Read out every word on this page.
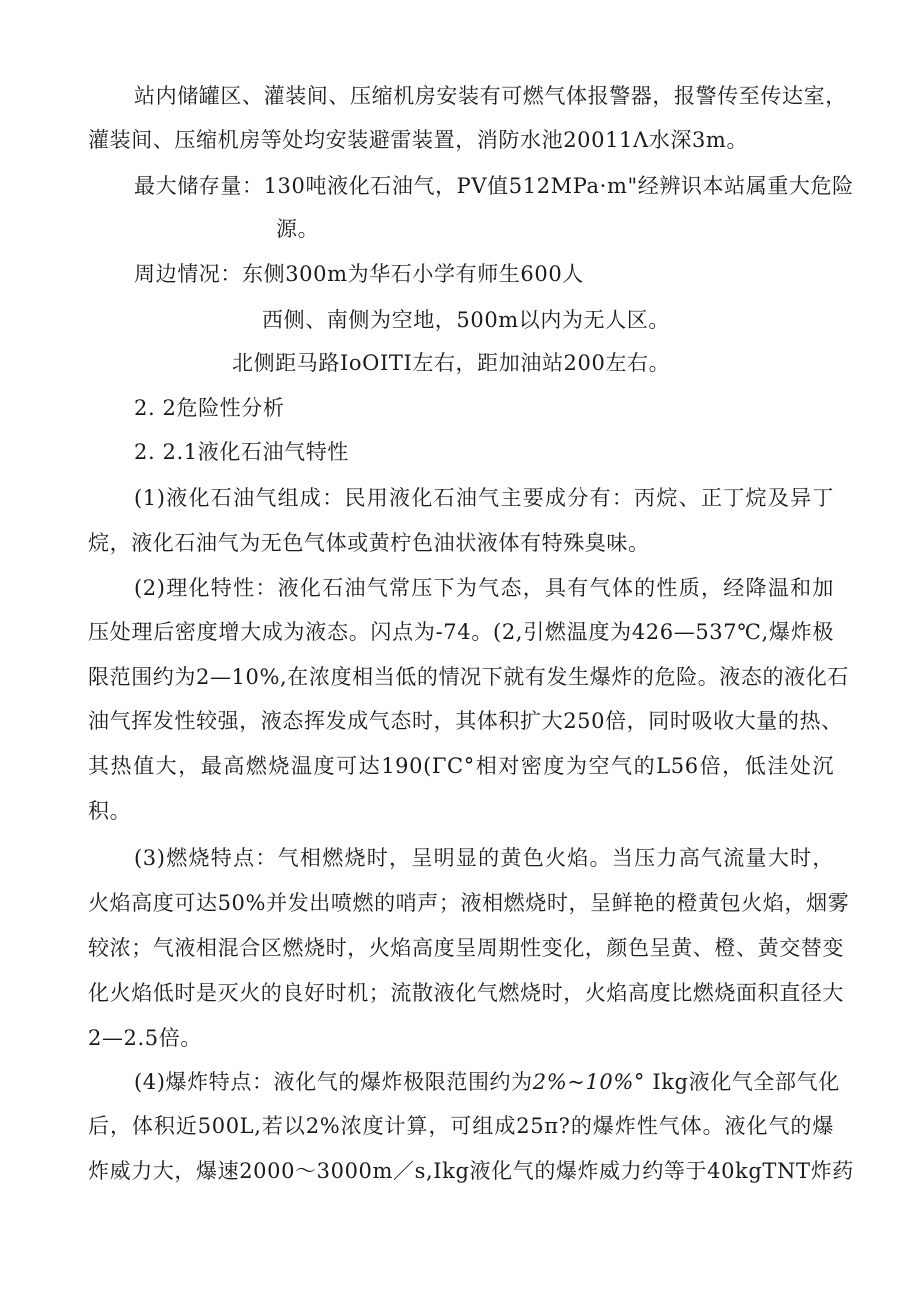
站内储罐区、灌装间、压缩机房安装有可燃气体报警器，报警传至传达室，
灌装间、压缩机房等处均安装避雷装置，消防水池20011Λ水深3m。
最大储存量：130吨液化石油气，PV值512MPa·m"经辨识本站属重大危险
源。
周边情况：东侧300m为华石小学有师生600人
西侧、南侧为空地，500m以内为无人区。
北侧距马路IoOITI左右，距加油站200左右。
2. 2危险性分析
2. 2.1液化石油气特性
(1)液化石油气组成：民用液化石油气主要成分有：丙烷、正丁烷及异丁
烷，液化石油气为无色气体或黄柠色油状液体有特殊臭味。
(2)理化特性：液化石油气常压下为气态，具有气体的性质，经降温和加
压处理后密度增大成为液态。闪点为-74。(2,引燃温度为426—537℃,爆炸极
限范围约为2—10%,在浓度相当低的情况下就有发生爆炸的危险。液态的液化石
油气挥发性较强，液态挥发成气态时，其体积扩大250倍，同时吸收大量的热、
其热值大，最高燃烧温度可达190(ΓC°相对密度为空气的L56倍，低洼处沉
积。
(3)燃烧特点：气相燃烧时，呈明显的黄色火焰。当压力高气流量大时，
火焰高度可达50%并发出喷燃的哨声；液相燃烧时，呈鲜艳的橙黄包火焰，烟雾
较浓；气液相混合区燃烧时，火焰高度呈周期性变化，颜色呈黄、橙、黄交替变
化火焰低时是灭火的良好时机；流散液化气燃烧时，火焰高度比燃烧面积直径大
2—2.5倍。
(4)爆炸特点：液化气的爆炸极限范围约为2%~10%° Ikg液化气全部气化
后，体积近500L,若以2%浓度计算，可组成25π?的爆炸性气体。液化气的爆
炸威力大，爆速2000～3000m／s,Ikg液化气的爆炸威力约等于40kgTNT炸药
